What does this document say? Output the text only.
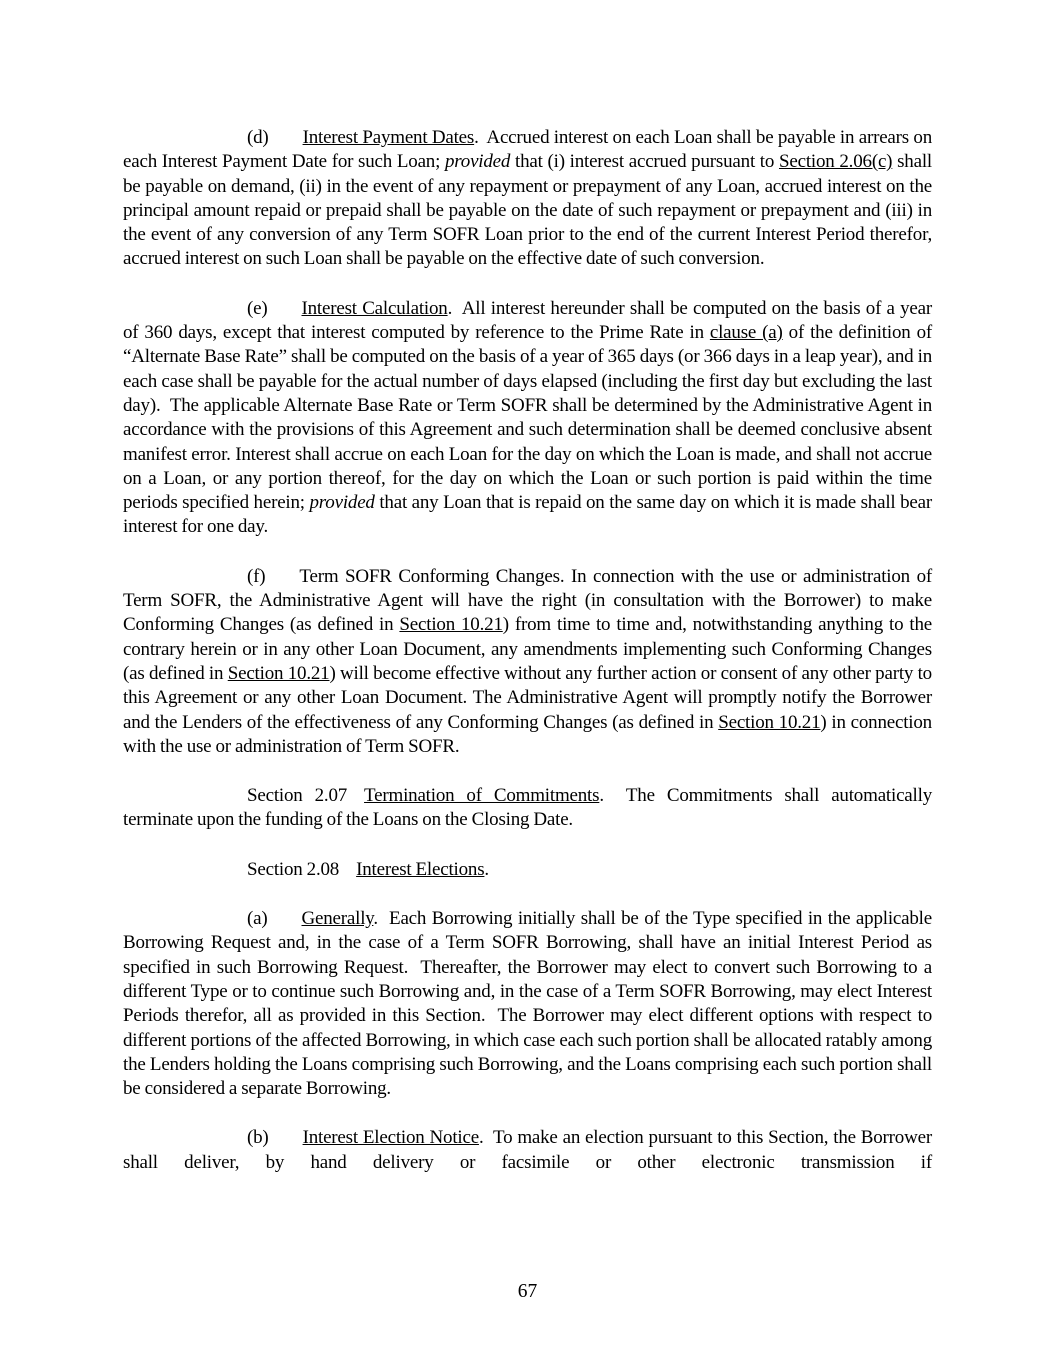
(d) Interest Payment Dates.  Accrued interest on each Loan shall be payable in arrears on each Interest Payment Date for such Loan; provided that (i) interest accrued pursuant to Section 2.06(c) shall be payable on demand, (ii) in the event of any repayment or prepayment of any Loan, accrued interest on the principal amount repaid or prepaid shall be payable on the date of such repayment or prepayment and (iii) in the event of any conversion of any Term SOFR Loan prior to the end of the current Interest Period therefor, accrued interest on such Loan shall be payable on the effective date of such conversion.

(e) Interest Calculation.  All interest hereunder shall be computed on the basis of a year of 360 days, except that interest computed by reference to the Prime Rate in clause (a) of the definition of “Alternate Base Rate” shall be computed on the basis of a year of 365 days (or 366 days in a leap year), and in each case shall be payable for the actual number of days elapsed (including the first day but excluding the last day).  The applicable Alternate Base Rate or Term SOFR shall be determined by the Administrative Agent in accordance with the provisions of this Agreement and such determination shall be deemed conclusive absent manifest error. Interest shall accrue on each Loan for the day on which the Loan is made, and shall not accrue on a Loan, or any portion thereof, for the day on which the Loan or such portion is paid within the time periods specified herein; provided that any Loan that is repaid on the same day on which it is made shall bear interest for one day.

(f) Term SOFR Conforming Changes. In connection with the use or administration of Term SOFR, the Administrative Agent will have the right (in consultation with the Borrower) to make Conforming Changes (as defined in Section 10.21) from time to time and, notwithstanding anything to the contrary herein or in any other Loan Document, any amendments implementing such Conforming Changes (as defined in Section 10.21) will become effective without any further action or consent of any other party to this Agreement or any other Loan Document. The Administrative Agent will promptly notify the Borrower and the Lenders of the effectiveness of any Conforming Changes (as defined in Section 10.21) in connection with the use or administration of Term SOFR.

Section 2.07 Termination of Commitments. The Commitments shall automatically terminate upon the funding of the Loans on the Closing Date.

Section 2.08 Interest Elections.

(a) Generally.  Each Borrowing initially shall be of the Type specified in the applicable Borrowing Request and, in the case of a Term SOFR Borrowing, shall have an initial Interest Period as specified in such Borrowing Request.  Thereafter, the Borrower may elect to convert such Borrowing to a different Type or to continue such Borrowing and, in the case of a Term SOFR Borrowing, may elect Interest Periods therefor, all as provided in this Section.  The Borrower may elect different options with respect to different portions of the affected Borrowing, in which case each such portion shall be allocated ratably among the Lenders holding the Loans comprising such Borrowing, and the Loans comprising each such portion shall be considered a separate Borrowing.

(b) Interest Election Notice.  To make an election pursuant to this Section, the Borrower shall deliver, by hand delivery or facsimile or other electronic transmission if

67
